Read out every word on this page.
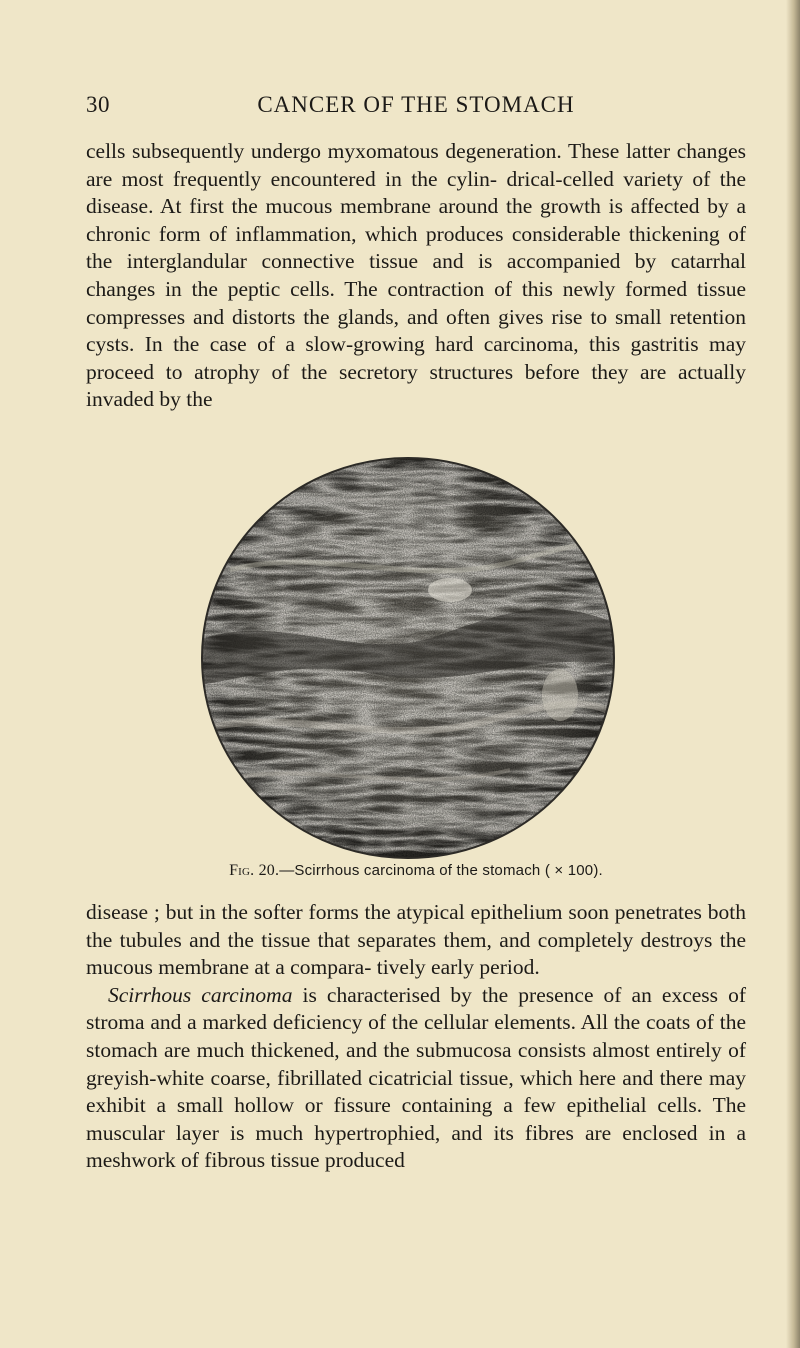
30	CANCER OF THE STOMACH

cells subsequently undergo myxomatous degeneration. These latter changes are most frequently encountered in the cylin- drical-celled variety of the disease. At first the mucous membrane around the growth is affected by a chronic form of inflammation, which produces considerable thickening of the interglandular connective tissue and is accompanied by catarrhal changes in the peptic cells. The contraction of this newly formed tissue compresses and distorts the glands, and often gives rise to small retention cysts. In the case of a slow-growing hard carcinoma, this gastritis may proceed to atrophy of the secretory structures before they are actually invaded by the

Fig. 20.—Scirrhous carcinoma of the stomach ( × 100).

disease ; but in the softer forms the atypical epithelium soon penetrates both the tubules and the tissue that separates them, and completely destroys the mucous membrane at a compara- tively early period.

Scirrhous carcinoma is characterised by the presence of an excess of stroma and a marked deficiency of the cellular elements. All the coats of the stomach are much thickened, and the submucosa consists almost entirely of greyish-white coarse, fibrillated cicatricial tissue, which here and there may exhibit a small hollow or fissure containing a few epithelial cells. The muscular layer is much hypertrophied, and its fibres are enclosed in a meshwork of fibrous tissue produced
